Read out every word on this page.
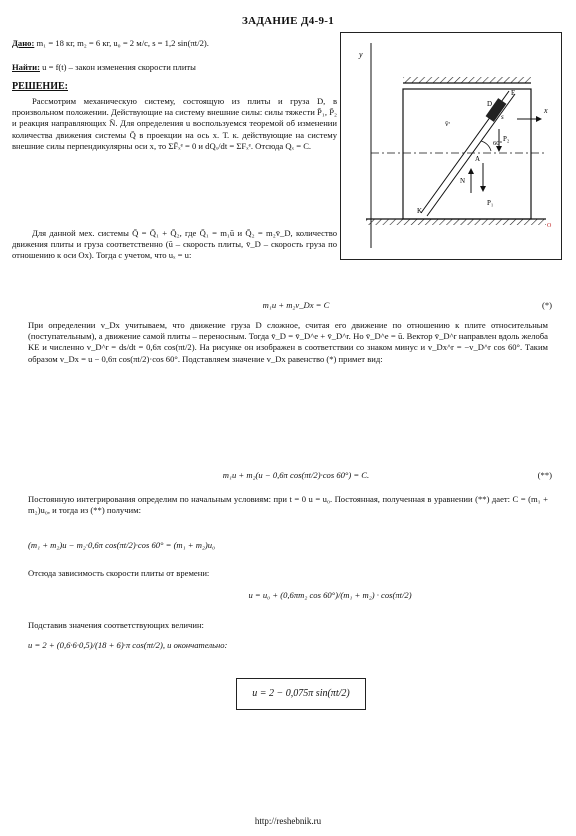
ЗАДАНИЕ Д4-9-1
Дано: m₁ = 18 кг, m₂ = 6 кг, u₀ = 2 м/с, s = 1,2 sin(πt/2).
Найти: u = f(t) – закон изменения скорости плиты
РЕШЕНИЕ:
Рассмотрим механическую систему, состоящую из плиты и груза D, в произвольном положении. Действующие на систему внешние силы: силы тяжести P̄₁, P̄₂ и реакция направляющих N̄. Для определения u воспользуемся теоремой об изменении количества движения системы Q̄ в проекции на ось x. Т. к. действующие на систему внешние силы перпендикулярны оси x, то ΣF̄ₓᵉ = 0 и dQₓ/dt = ΣFₓᵉ. Отсюда Qₓ = C.
Для данной мех. системы Q̄ = Q̄₁ + Q̄₂, где Q̄₁ = m₁ū и Q̄₂ = m₂v̄_D, количество движения плиты и груза соответственно (ū – скорость плиты, v̄_D – скорость груза по отношению к оси Ox). Тогда с учетом, что uₓ = u:
m₁u + m₂v_Dx = C	(*)
При определении v_Dx учитываем, что движение груза D сложное, считая его движение по отношению к плите относительным (поступательным), а движение самой плиты – переносным. Тогда v̄_D = v̄_D^e + v̄_D^r. Но v̄_D^e = ū. Вектор v̄_D^r направлен вдоль желоба KE и численно v_D^r = ds/dt = 0,6π cos(πt/2). На рисунке он изображен в соответствии со знаком минус и v_Dx^r = −v_D^r cos 60°. Таким образом v_Dx = u − 0,6π cos(πt/2)·cos 60°. Подставляем значение v_Dx равенство (*) примет вид:
m₁u + m₂(u − 0,6π cos(πt/2)·cos 60°) = C.	(**)
Постоянную интегрирования определим по начальным условиям: при t = 0 u = u₀. Постоянная, полученная в уравнении (**) дает: C = (m₁ + m₂)u₀, и тогда из (**) получим:
(m₁ + m₂)u − m₂·0,6π cos(πt/2)·cos 60° = (m₁ + m₂)u₀
Отсюда зависимость скорости плиты от времени:
u = u₀ + (0,6πm₂ cos 60°)/(m₁ + m₂) · cos(πt/2)
Подставив значения соответствующих величин:
u = 2 + (0,6·6·0,5)/(18 + 6)·π cos(πt/2), и окончательно:
u = 2 − 0,075π sin(πt/2)
y
D
E
A
K
s
P₂
P₁
N
60°
v̄ʳ
x
O
http://reshebnik.ru
